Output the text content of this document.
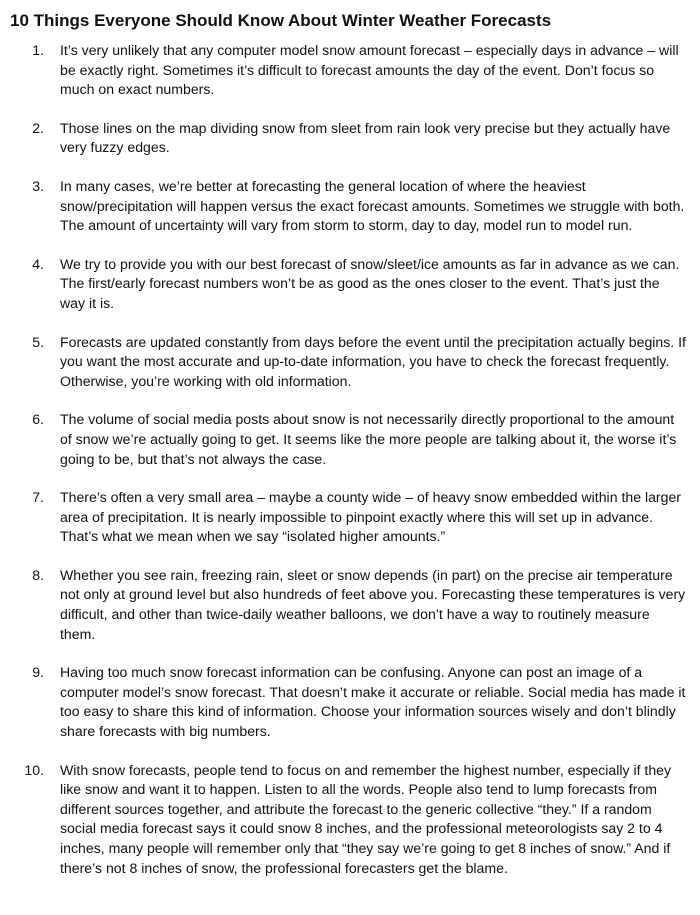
10 Things Everyone Should Know About Winter Weather Forecasts
1.	It’s very unlikely that any computer model snow amount forecast – especially days in advance – will be exactly right. Sometimes it’s difficult to forecast amounts the day of the event. Don’t focus so much on exact numbers.

2.	Those lines on the map dividing snow from sleet from rain look very precise but they actually have very fuzzy edges.

3.	In many cases, we’re better at forecasting the general location of where the heaviest snow/precipitation will happen versus the exact forecast amounts. Sometimes we struggle with both. The amount of uncertainty will vary from storm to storm, day to day, model run to model run.

4.	We try to provide you with our best forecast of snow/sleet/ice amounts as far in advance as we can. The first/early forecast numbers won’t be as good as the ones closer to the event. That’s just the way it is.

5.	Forecasts are updated constantly from days before the event until the precipitation actually begins. If you want the most accurate and up-to-date information, you have to check the forecast frequently. Otherwise, you’re working with old information.

6.	The volume of social media posts about snow is not necessarily directly proportional to the amount of snow we’re actually going to get. It seems like the more people are talking about it, the worse it’s going to be, but that’s not always the case.

7.	There’s often a very small area – maybe a county wide – of heavy snow embedded within the larger area of precipitation. It is nearly impossible to pinpoint exactly where this will set up in advance. That’s what we mean when we say “isolated higher amounts.”

8.	Whether you see rain, freezing rain, sleet or snow depends (in part) on the precise air temperature not only at ground level but also hundreds of feet above you. Forecasting these temperatures is very difficult, and other than twice-daily weather balloons, we don’t have a way to routinely measure them.

9.	Having too much snow forecast information can be confusing. Anyone can post an image of a computer model’s snow forecast. That doesn’t make it accurate or reliable. Social media has made it too easy to share this kind of information. Choose your information sources wisely and don’t blindly share forecasts with big numbers.

10.	With snow forecasts, people tend to focus on and remember the highest number, especially if they like snow and want it to happen. Listen to all the words. People also tend to lump forecasts from different sources together, and attribute the forecast to the generic collective “they.” If a random social media forecast says it could snow 8 inches, and the professional meteorologists say 2 to 4 inches, many people will remember only that “they say we’re going to get 8 inches of snow.” And if there’s not 8 inches of snow, the professional forecasters get the blame.
